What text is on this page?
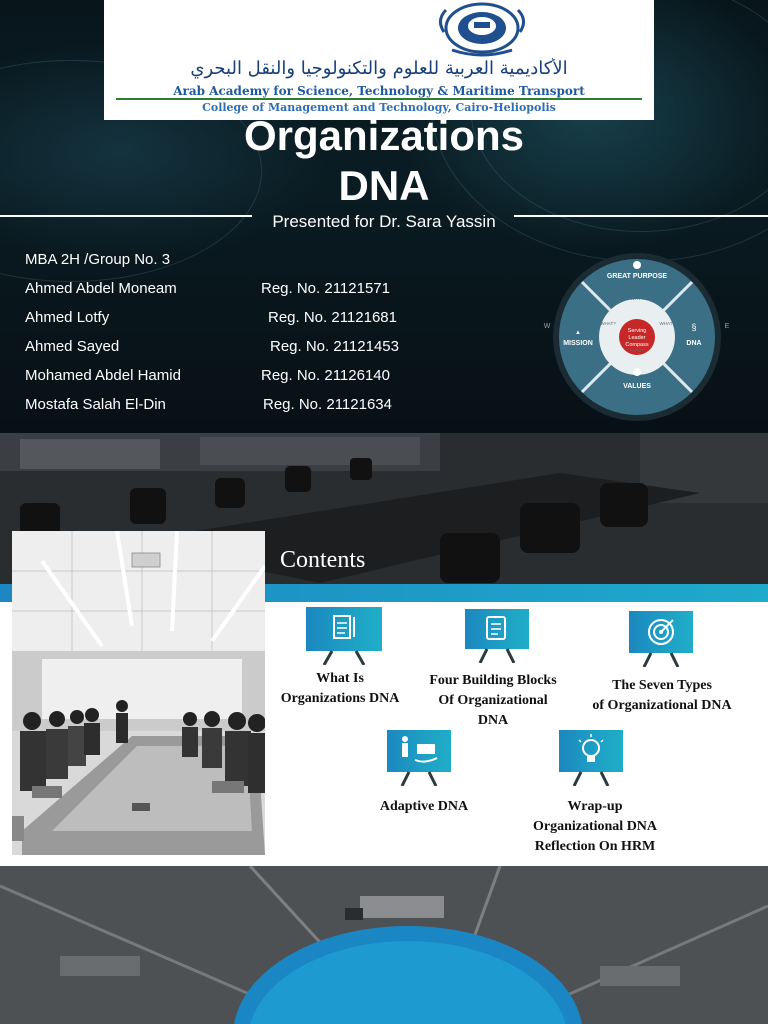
الأكاديمية العربية للعلوم والتكنولوجيا والنقل البحري
Arab Academy for Science, Technology & Maritime Transport
College of Management and Technology, Cairo-Heliopolis
Organizations
DNA
Presented for Dr. Sara Yassin
MBA 2H /Group No. 3
Ahmed Abdel Moneam	Reg. No. 21121571
Ahmed Lotfy	Reg. No. 21121681
Ahmed Sayed	Reg. No. 21121453
Mohamed Abdel Hamid	Reg. No. 21126140
Mostafa Salah El-Din	Reg. No. 21121634
Serving
Leader
Compass
WHY?
WHAT?	WHAT
HOW?
GREAT PURPOSE
▲
MISSION
§
DNA
VALUES
W	E
Contents
What Is
Organizations DNA
Four Building Blocks
Of Organizational
DNA
The Seven Types
of Organizational DNA
Adaptive DNA	Wrap-up
Organizational DNA
Reflection On HRM
